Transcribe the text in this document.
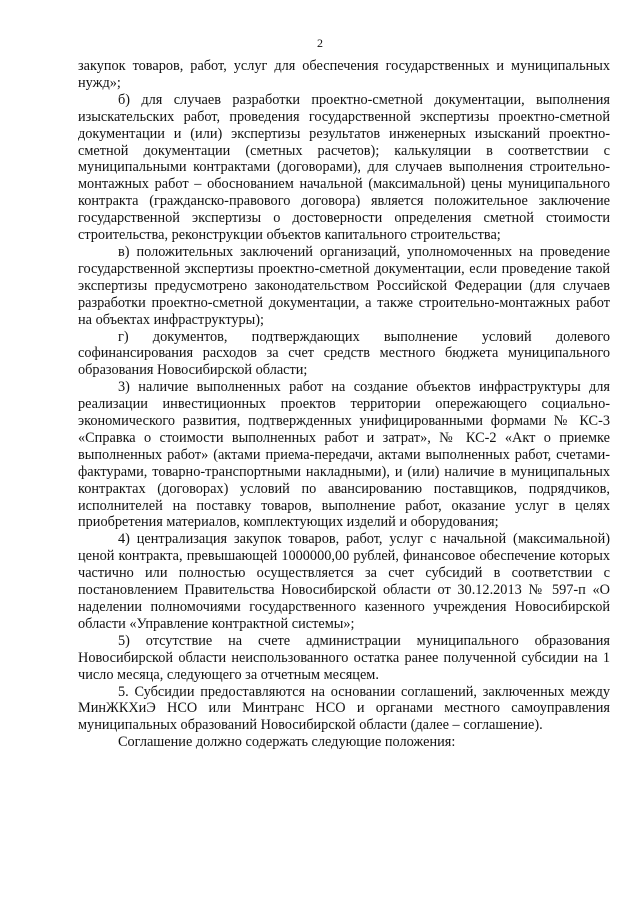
2

закупок товаров, работ, услуг для обеспечения государственных и муниципальных нужд»;

б) для случаев разработки проектно-сметной документации, выполнения изыскательских работ, проведения государственной экспертизы проектно-сметной документации и (или) экспертизы результатов инженерных изысканий проектно-сметной документации (сметных расчетов); калькуляции в соответствии с муниципальными контрактами (договорами), для случаев выполнения строительно-монтажных работ – обоснованием начальной (максимальной) цены муниципального контракта (гражданско-правового договора) является положительное заключение государственной экспертизы о достоверности определения сметной стоимости строительства, реконструкции объектов капитального строительства;

в) положительных заключений организаций, уполномоченных на проведение государственной экспертизы проектно-сметной документации, если проведение такой экспертизы предусмотрено законодательством Российской Федерации (для случаев разработки проектно-сметной документации, а также строительно-монтажных работ на объектах инфраструктуры);

г) документов, подтверждающих выполнение условий долевого софинансирования расходов за счет средств местного бюджета муниципального образования Новосибирской области;

3) наличие выполненных работ на создание объектов инфраструктуры для реализации инвестиционных проектов территории опережающего социально-экономического развития, подтвержденных унифицированными формами № КС-3 «Справка о стоимости выполненных работ и затрат», № КС-2 «Акт о приемке выполненных работ» (актами приема-передачи, актами выполненных работ, счетами-фактурами, товарно-транспортными накладными), и (или) наличие в муниципальных контрактах (договорах) условий по авансированию поставщиков, подрядчиков, исполнителей на поставку товаров, выполнение работ, оказание услуг в целях приобретения материалов, комплектующих изделий и оборудования;

4) централизация закупок товаров, работ, услуг с начальной (максимальной) ценой контракта, превышающей 1000000,00 рублей, финансовое обеспечение которых частично или полностью осуществляется за счет субсидий в соответствии с постановлением Правительства Новосибирской области от 30.12.2013 № 597-п «О наделении полномочиями государственного казенного учреждения Новосибирской области «Управление контрактной системы»;

5) отсутствие на счете администрации муниципального образования Новосибирской области неиспользованного остатка ранее полученной субсидии на 1 число месяца, следующего за отчетным месяцем.

5. Субсидии предоставляются на основании соглашений, заключенных между МинЖКХиЭ НСО или Минтранс НСО и органами местного самоуправления муниципальных образований Новосибирской области (далее – соглашение).

Соглашение должно содержать следующие положения:
